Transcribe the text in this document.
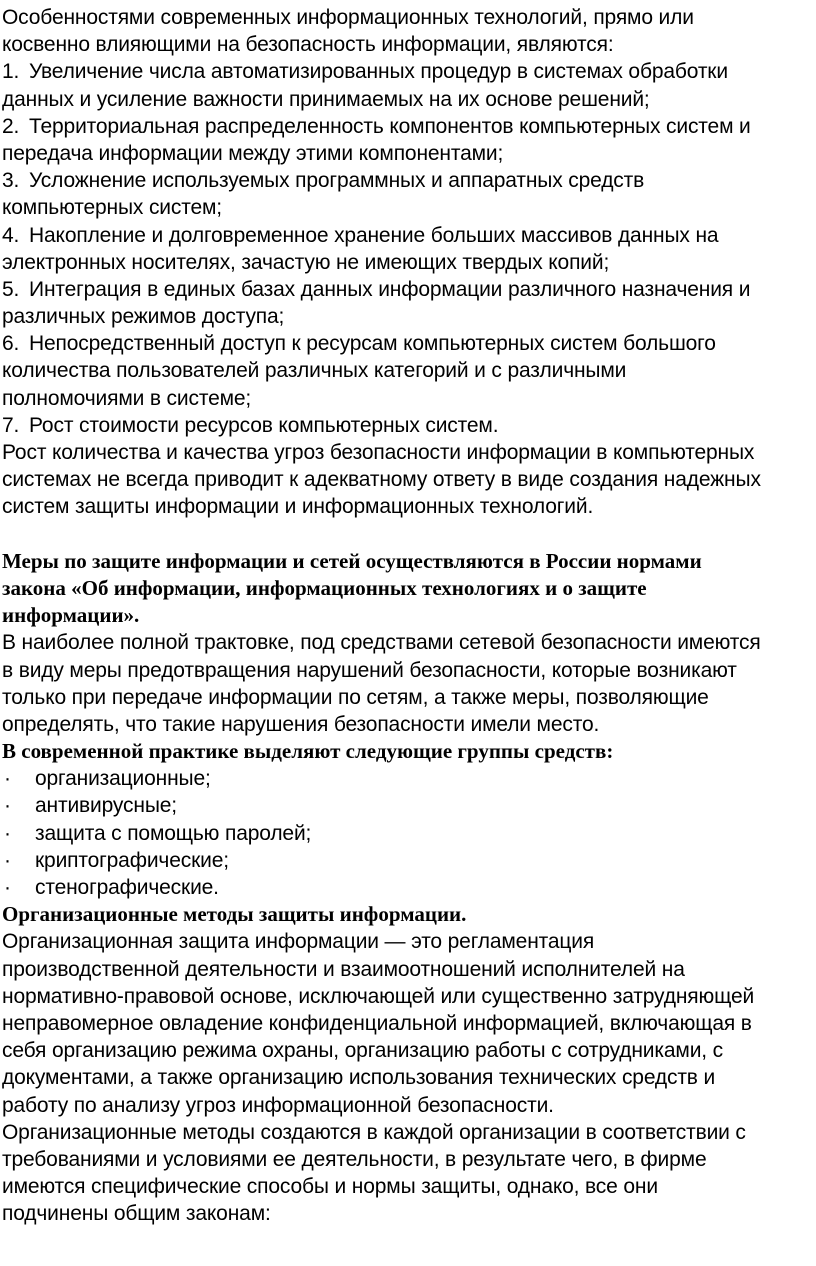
Особенностями современных информационных технологий, прямо или
косвенно влияющими на безопасность информации, являются:
1. Увеличение числа автоматизированных процедур в системах обработки
данных и усиление важности принимаемых на их основе решений;
2. Территориальная распределенность компонентов компьютерных систем и
передача информации между этими компонентами;
3. Усложнение используемых программных и аппаратных средств
компьютерных систем;
4. Накопление и долговременное хранение больших массивов данных на
электронных носителях, зачастую не имеющих твердых копий;
5. Интеграция в единых базах данных информации различного назначения и
различных режимов доступа;
6. Непосредственный доступ к ресурсам компьютерных систем большого
количества пользователей различных категорий и с различными
полномочиями в системе;
7. Рост стоимости ресурсов компьютерных систем.
Рост количества и качества угроз безопасности информации в компьютерных
системах не всегда приводит к адекватному ответу в виде создания надежных
систем защиты информации и информационных технологий.
Меры по защите информации и сетей осуществляются в России нормами
закона «Об информации, информационных технологиях и о защите
информации».
В наиболее полной трактовке, под средствами сетевой безопасности имеются
в виду меры предотвращения нарушений безопасности, которые возникают
только при передаче информации по сетям, а также меры, позволяющие
определять, что такие нарушения безопасности имели место.
В современной практике выделяют следующие группы средств:
· организационные;
· антивирусные;
· защита с помощью паролей;
· криптографические;
· стенографические.
Организационные методы защиты информации.
Организационная защита информации — это регламентация
производственной деятельности и взаимоотношений исполнителей на
нормативно-правовой основе, исключающей или существенно затрудняющей
неправомерное овладение конфиденциальной информацией, включающая в
себя организацию режима охраны, организацию работы с сотрудниками, с
документами, а также организацию использования технических средств и
работу по анализу угроз информационной безопасности.
Организационные методы создаются в каждой организации в соответствии с
требованиями и условиями ее деятельности, в результате чего, в фирме
имеются специфические способы и нормы защиты, однако, все они
подчинены общим законам:
